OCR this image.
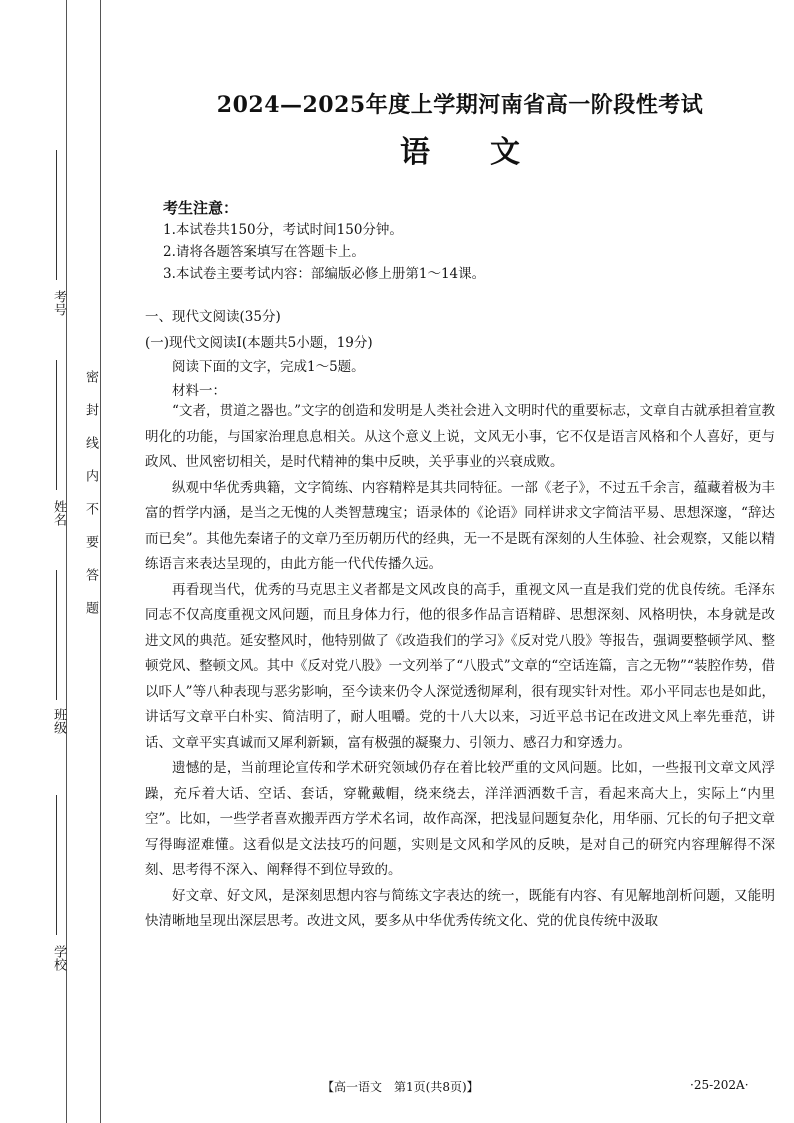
考号
姓名
班级
学校
密封线内不要答题
2024—2025年度上学期河南省高一阶段性考试
语文
考生注意：
1.本试卷共150分，考试时间150分钟。
2.请将各题答案填写在答题卡上。
3.本试卷主要考试内容：部编版必修上册第1～14课。
一、现代文阅读(35分)
(一)现代文阅读Ⅰ(本题共5小题，19分)
阅读下面的文字，完成1～5题。
材料一：

“文者，贯道之器也。”文字的创造和发明是人类社会进入文明时代的重要标志，文章自古就承担着宣教明化的功能，与国家治理息息相关。从这个意义上说，文风无小事，它不仅是语言风格和个人喜好，更与政风、世风密切相关，是时代精神的集中反映，关乎事业的兴衰成败。

纵观中华优秀典籍，文字简练、内容精粹是其共同特征。一部《老子》，不过五千余言，蕴藏着极为丰富的哲学内涵，是当之无愧的人类智慧瑰宝；语录体的《论语》同样讲求文字简洁平易、思想深邃，“辞达而已矣”。其他先秦诸子的文章乃至历朝历代的经典，无一不是既有深刻的人生体验、社会观察，又能以精练语言来表达呈现的，由此方能一代代传播久远。

再看现当代，优秀的马克思主义者都是文风改良的高手，重视文风一直是我们党的优良传统。毛泽东同志不仅高度重视文风问题，而且身体力行，他的很多作品言语精辟、思想深刻、风格明快，本身就是改进文风的典范。延安整风时，他特别做了《改造我们的学习》《反对党八股》等报告，强调要整顿学风、整顿党风、整顿文风。其中《反对党八股》一文列举了“八股式”文章的“空话连篇，言之无物”“装腔作势，借以吓人”等八种表现与恶劣影响，至今读来仍令人深觉透彻犀利，很有现实针对性。邓小平同志也是如此，讲话写文章平白朴实、简洁明了，耐人咀嚼。党的十八大以来，习近平总书记在改进文风上率先垂范，讲话、文章平实真诚而又犀利新颖，富有极强的凝聚力、引领力、感召力和穿透力。

遗憾的是，当前理论宣传和学术研究领域仍存在着比较严重的文风问题。比如，一些报刊文章文风浮躁，充斥着大话、空话、套话，穿靴戴帽，绕来绕去，洋洋洒洒数千言，看起来高大上，实际上“内里空”。比如，一些学者喜欢搬弄西方学术名词，故作高深，把浅显问题复杂化，用华丽、冗长的句子把文章写得晦涩难懂。这看似是文法技巧的问题，实则是文风和学风的反映，是对自己的研究内容理解得不深刻、思考得不深入、阐释得不到位导致的。

好文章、好文风，是深刻思想内容与简练文字表达的统一，既能有内容、有见解地剖析问题，又能明快清晰地呈现出深层思考。改进文风，要多从中华优秀传统文化、党的优良传统中汲取

【高一语文　第1页(共8页)】	·25-202A·
